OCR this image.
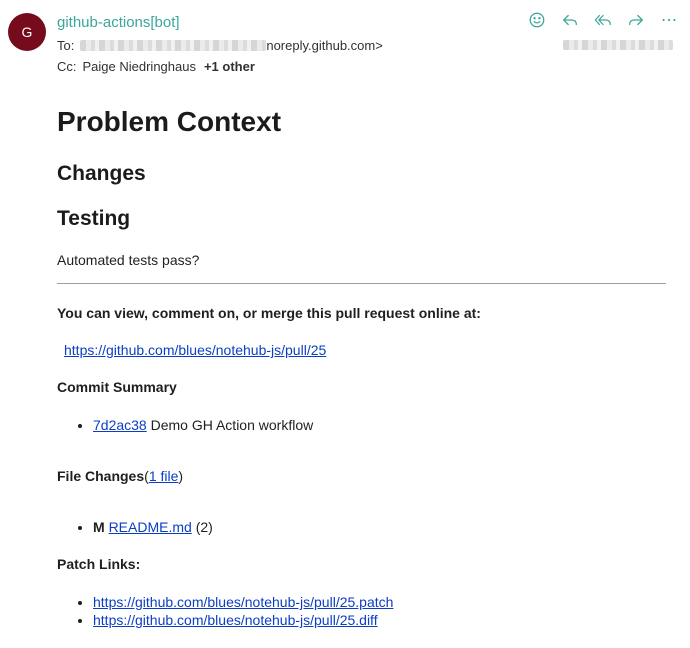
G
github-actions[bot]
To:	noreply.github.com>
Cc: Paige Niedringhaus +1 other
Problem Context
Changes
Testing
Automated tests pass?
You can view, comment on, or merge this pull request online at:
https://github.com/blues/notehub-js/pull/25
Commit Summary
• 7d2ac38 Demo GH Action workflow
File Changes(1 file)
• M README.md (2)
Patch Links:
• https://github.com/blues/notehub-js/pull/25.patch
• https://github.com/blues/notehub-js/pull/25.diff
